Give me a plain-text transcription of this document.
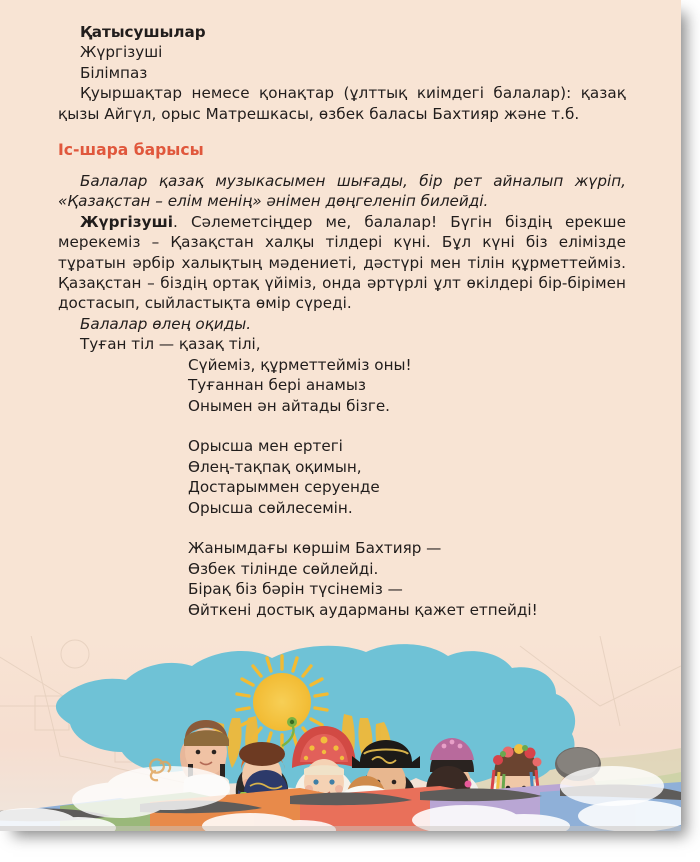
Қатысушылар
Жүргізуші
Білімпаз
Қуыршақтар немесе қонақтар (ұлттық киімдегі балалар): қазақ қызы Айгүл, орыс Матрешкасы, өзбек баласы Бахтияр және т.б.
Іс-шара барысы
Балалар қазақ музыкасымен шығады, бір рет айналып жүріп, «Қазақстан – елім менің» әнімен дөңгеленіп билейді.
Жүргізуші. Сәлеметсіңдер ме, балалар! Бүгін біздің ерекше мерекеміз – Қазақстан халқы тілдері күні. Бұл күні біз елімізде тұратын әрбір халықтың мәдениеті, дәстүрі мен тілін құрметтейміз. Қазақстан – біздің ортақ үйіміз, онда әртүрлі ұлт өкілдері бір-бірімен достасып, сыйластықта өмір сүреді.
Балалар өлең оқиды.
Туған тіл — қазақ тілі,
Сүйеміз, құрметтейміз оны!
Туғаннан бері анамыз
Онымен ән айтады бізге.
Орысша мен ертегі
Өлең-тақпақ оқимын,
Достарыммен серуенде
Орысша сөйлесемін.
Жанымдағы көршім Бахтияр —
Өзбек тілінде сөйлейді.
Бірақ біз бәрін түсінеміз —
Өйткені достық аударманы қажет етпейді!
